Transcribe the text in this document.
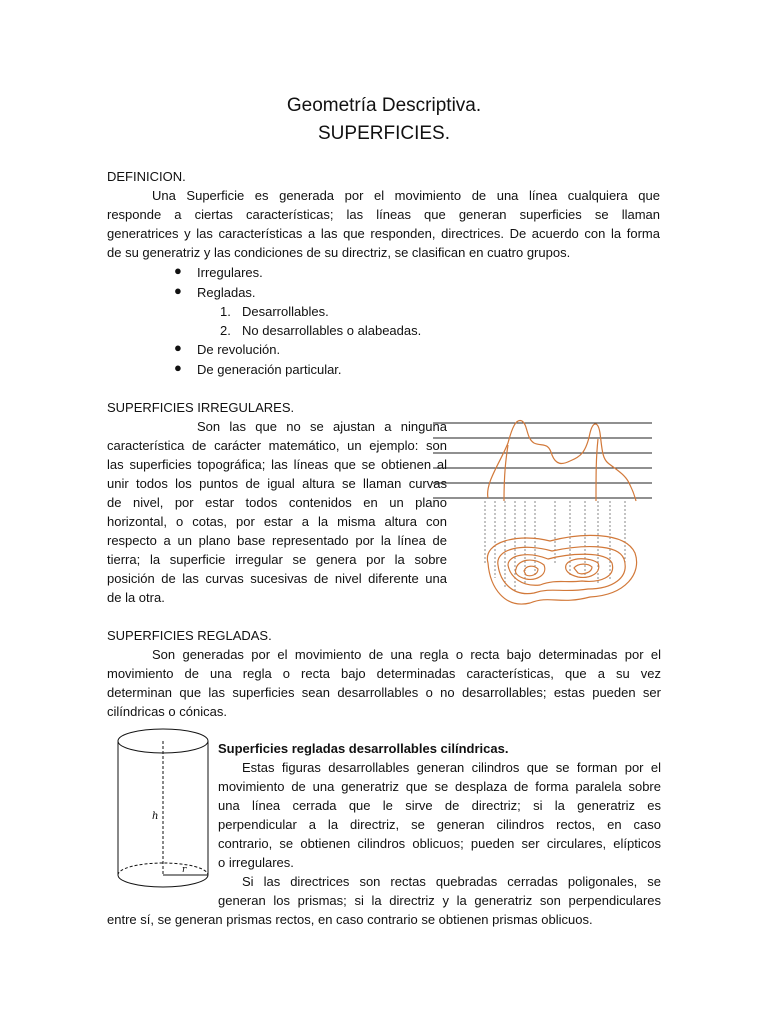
Geometría Descriptiva.
SUPERFICIES.
DEFINICION.
Una Superficie es generada por el movimiento de una línea cualquiera que
responde a ciertas características; las líneas que generan superficies se llaman
generatrices y las características a las que responden, directrices. De acuerdo con la forma
de su generatriz y las condiciones de su directriz, se clasifican en cuatro grupos.
● Irregulares.
● Regladas.
1. Desarrollables.
2. No desarrollables o alabeadas.
● De revolución.
● De generación particular.
SUPERFICIES IRREGULARES.
Son las que no se ajustan a ninguna
característica de carácter matemático, un ejemplo: son
las superficies topográfica; las líneas que se obtienen al
unir todos los puntos de igual altura se llaman curvas
de nivel, por estar todos contenidos en un plano
horizontal, o cotas, por estar a la misma altura con
respecto a un plano base representado por la línea de
tierra; la superficie irregular se genera por la sobre
posición de las curvas sucesivas de nivel diferente una
de la otra.
SUPERFICIES REGLADAS.
Son generadas por el movimiento de una regla o recta bajo determinadas por el
movimiento de una regla o recta bajo determinadas características, que a su vez
determinan que las superficies sean desarrollables o no desarrollables; estas pueden ser
cilíndricas o cónicas.
h
r
Superficies regladas desarrollables cilíndricas.
Estas figuras desarrollables generan cilindros que se forman por el
movimiento de una generatriz que se desplaza de forma paralela sobre
una línea cerrada que le sirve de directriz; si la generatriz es
perpendicular a la directriz, se generan cilindros rectos, en caso
contrario, se obtienen cilindros oblicuos; pueden ser circulares, elípticos
o irregulares.
Si las directrices son rectas quebradas cerradas poligonales, se
generan los prismas; si la directriz y la generatriz son perpendiculares
entre sí, se generan prismas rectos, en caso contrario se obtienen prismas oblicuos.
